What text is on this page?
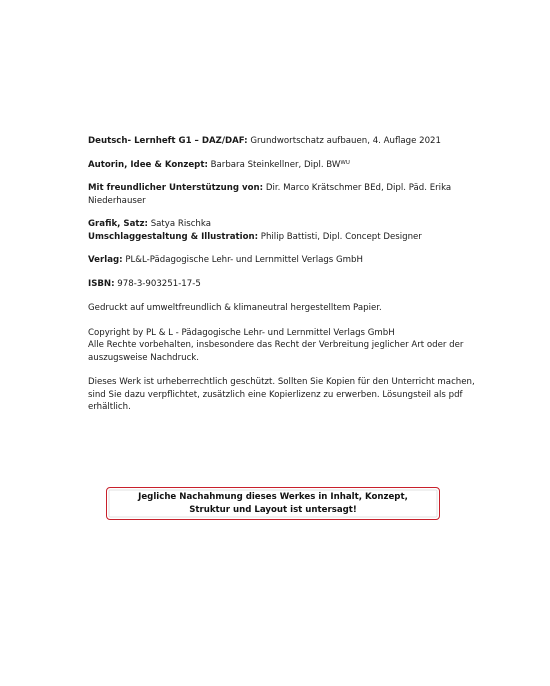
Deutsch- Lernheft G1 – DAZ/DAF: Grundwortschatz aufbauen, 4. Auflage 2021

Autorin, Idee & Konzept: Barbara Steinkellner, Dipl. $BW^{WU}$

Mit freundlicher Unterstützung von: Dir. Marco Krätschmer BEd, Dipl. Päd. Erika Niederhauser

Grafik, Satz: Satya Rischka

Umschlaggestaltung & Illustration: Philip Battisti, Dipl. Concept Designer

Verlag: PL&L-Pädagogische Lehr- und Lernmittel Verlags GmbH

ISBN: 978-3-903251-17-5

Gedruckt auf umweltfreundlich & klimaneutral hergestelltem Papier.

Copyright by PL & L - Pädagogische Lehr- und Lernmittel Verlags GmbH

Alle Rechte vorbehalten, insbesondere das Recht der Verbreitung jeglicher Art oder der auszugsweise Nachdruck.

Dieses Werk ist urheberrechtlich geschützt. Sollten Sie Kopien für den Unterricht machen, sind Sie dazu verpflichtet, zusätzlich eine Kopierlizenz zu erwerben. Lösungsteil als pdf erhältlich.

Jegliche Nachahmung dieses Werkes in Inhalt, Konzept,
Struktur und Layout ist untersagt!
